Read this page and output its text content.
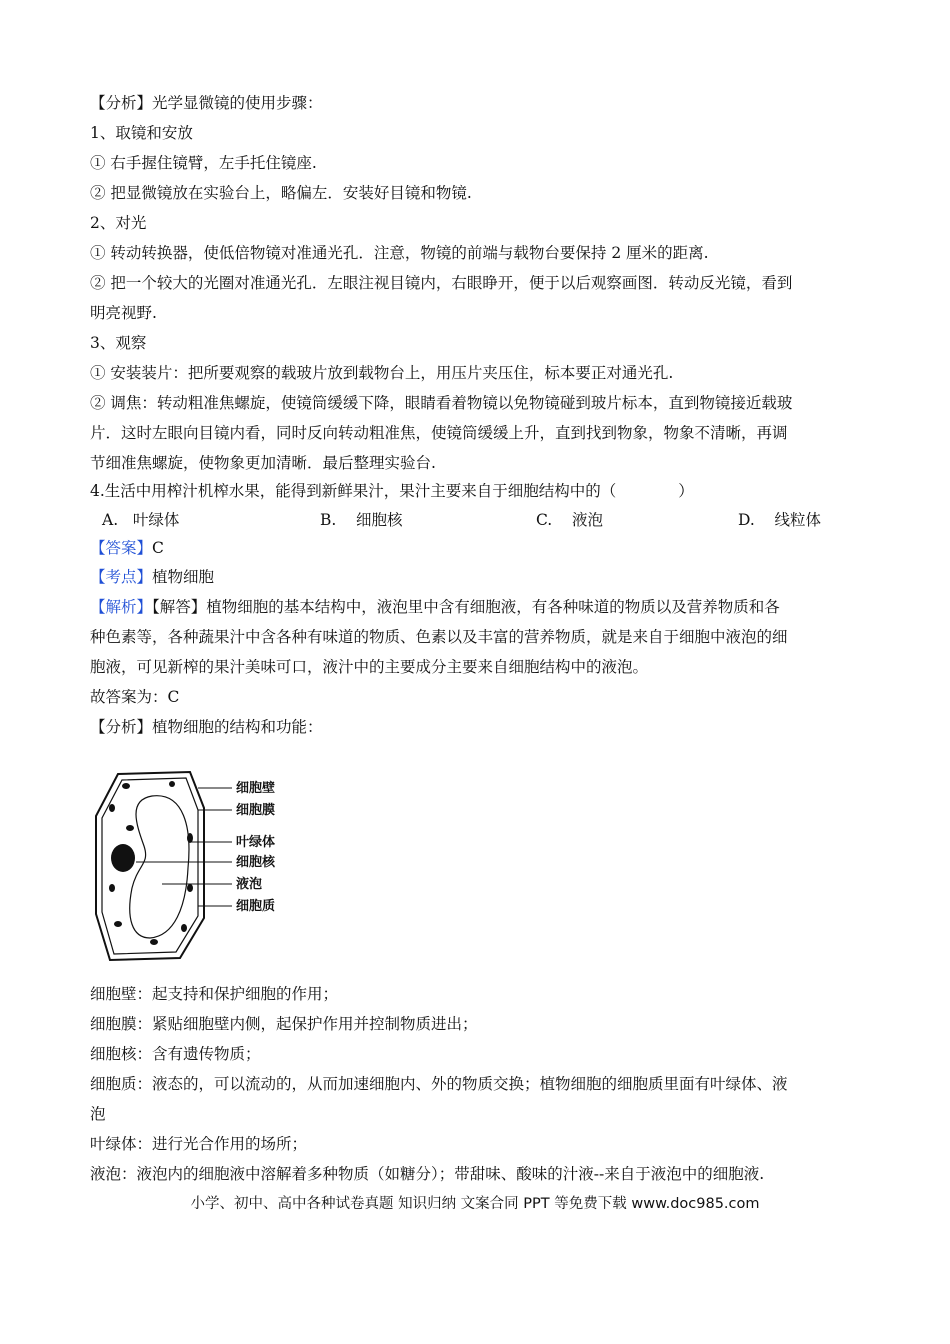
【分析】光学显微镜的使用步骤：
1、取镜和安放
① 右手握住镜臂，左手托住镜座.
② 把显微镜放在实验台上，略偏左．安装好目镜和物镜.
2、对光
① 转动转换器，使低倍物镜对准通光孔．注意，物镜的前端与载物台要保持 2 厘米的距离.
② 把一个较大的光圈对准通光孔．左眼注视目镜内，右眼睁开，便于以后观察画图．转动反光镜，看到
明亮视野.
3、观察
① 安装装片：把所要观察的载玻片放到载物台上，用压片夹压住，标本要正对通光孔.
② 调焦：转动粗准焦螺旋，使镜筒缓缓下降，眼睛看着物镜以免物镜碰到玻片标本，直到物镜接近载玻
片．这时左眼向目镜内看，同时反向转动粗准焦，使镜筒缓缓上升，直到找到物象，物象不清晰，再调
节细准焦螺旋，使物象更加清晰．最后整理实验台.
4.生活中用榨汁机榨水果，能得到新鲜果汁，果汁主要来自于细胞结构中的（　　　　）
A. 叶绿体	B. 细胞核	C. 液泡	D. 线粒体
【答案】C
【考点】植物细胞
【解析】【解答】植物细胞的基本结构中，液泡里中含有细胞液，有各种味道的物质以及营养物质和各
种色素等，各种蔬果汁中含各种有味道的物质、色素以及丰富的营养物质，就是来自于细胞中液泡的细
胞液，可见新榨的果汁美味可口，液汁中的主要成分主要来自细胞结构中的液泡。
故答案为：C
【分析】植物细胞的结构和功能：
细胞壁
细胞膜
叶绿体
细胞核
液泡
细胞质
细胞壁：起支持和保护细胞的作用；
细胞膜：紧贴细胞壁内侧，起保护作用并控制物质进出；
细胞核：含有遗传物质；
细胞质：液态的，可以流动的，从而加速细胞内、外的物质交换；植物细胞的细胞质里面有叶绿体、液
泡
叶绿体：进行光合作用的场所；
液泡：液泡内的细胞液中溶解着多种物质（如糖分）；带甜味、酸味的汁液--来自于液泡中的细胞液.
小学、初中、高中各种试卷真题 知识归纳 文案合同 PPT 等免费下载 www.doc985.com
